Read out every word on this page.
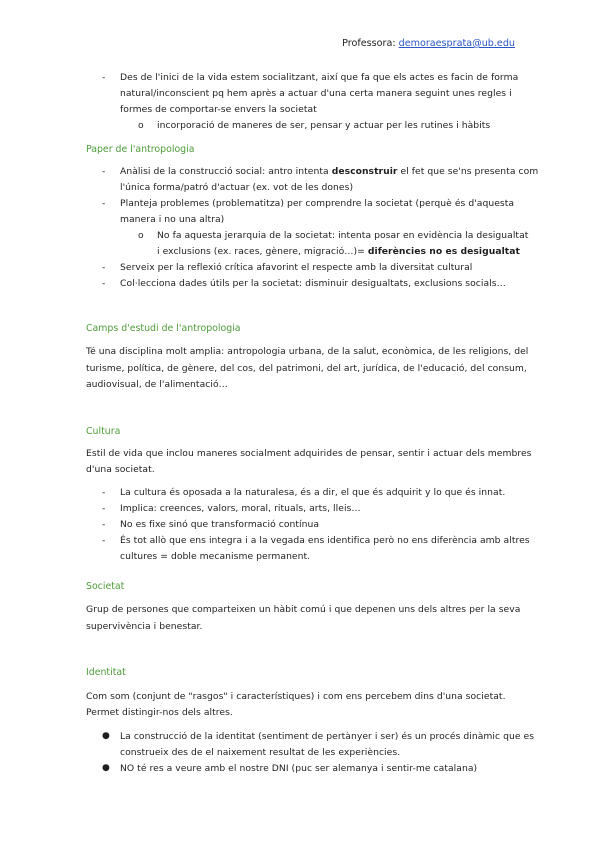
Professora: demoraesprata@ub.edu
- Des de l'inici de la vida estem socialitzant, així que fa que els actes es facin de forma
natural/inconscient pq hem après a actuar d'una certa manera seguint unes regles i
formes de comportar-se envers la societat
o incorporació de maneres de ser, pensar y actuar per les rutines i hàbits
Paper de l'antropologia
- Anàlisi de la construcció social: antro intenta desconstruir el fet que se'ns presenta com
l'única forma/patró d'actuar (ex. vot de les dones)
- Planteja problemes (problematitza) per comprendre la societat (perquè és d'aquesta
manera i no una altra)
o No fa aquesta jerarquia de la societat: intenta posar en evidència la desigualtat
i exclusions (ex. races, gènere, migració…)= diferències no es desigualtat
- Serveix per la reflexió crítica afavorint el respecte amb la diversitat cultural
- Col·lecciona dades útils per la societat: disminuir desigualtats, exclusions socials…
Camps d'estudi de l'antropologia
Té una disciplina molt amplia: antropologia urbana, de la salut, econòmica, de les religions, del
turisme, política, de gènere, del cos, del patrimoni, del art, jurídica, de l'educació, del consum,
audiovisual, de l'alimentació…
Cultura
Estil de vida que inclou maneres socialment adquirides de pensar, sentir i actuar dels membres
d'una societat.
- La cultura és oposada a la naturalesa, és a dir, el que és adquirit y lo que és innat.
- Implica: creences, valors, moral, rituals, arts, lleis…
- No es fixe sinó que transformació contínua
- És tot allò que ens integra i a la vegada ens identifica però no ens diferència amb altres
cultures = doble mecanisme permanent.
Societat
Grup de persones que comparteixen un hàbit comú i que depenen uns dels altres per la seva
supervivència i benestar.
Identitat
Com som (conjunt de "rasgos" i característiques) i com ens percebem dins d'una societat.
Permet distingir-nos dels altres.
● La construcció de la identitat (sentiment de pertànyer i ser) és un procés dinàmic que es
construeix des de el naixement resultat de les experiències.
● NO té res a veure amb el nostre DNI (puc ser alemanya i sentir-me catalana)
